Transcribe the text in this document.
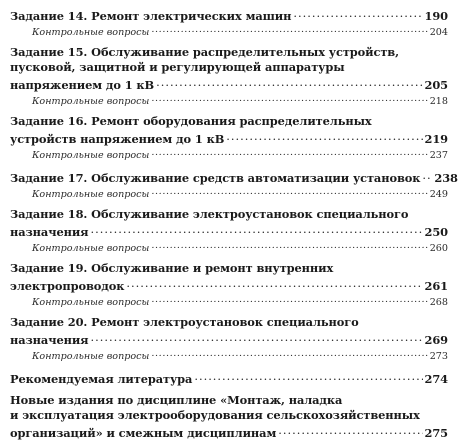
Задание 14. Ремонт электрических машин .....	190
Контрольные вопросы .....	204
Задание 15. Обслуживание распределительных устройств,
пусковой, защитной и регулирующей аппаратуры
напряжением до 1 кВ .....	205
Контрольные вопросы .....	218
Задание 16. Ремонт оборудования распределительных
устройств напряжением до 1 кВ .....	219
Контрольные вопросы .....	237
Задание 17. Обслуживание средств автоматизации установок ..... 238
Контрольные вопросы .....	249
Задание 18. Обслуживание электроустановок специального
назначения .....	250
Контрольные вопросы .....	260
Задание 19. Обслуживание и ремонт внутренних
электропроводок .....	261
Контрольные вопросы .....	268
Задание 20. Ремонт электроустановок специального
назначения .....	269
Контрольные вопросы .....	273
Рекомендуемая литература .....	274
Новые издания по дисциплине «Монтаж, наладка
и эксплуатация электрооборудования сельскохозяйственных
организаций» и смежным дисциплинам .....	275
